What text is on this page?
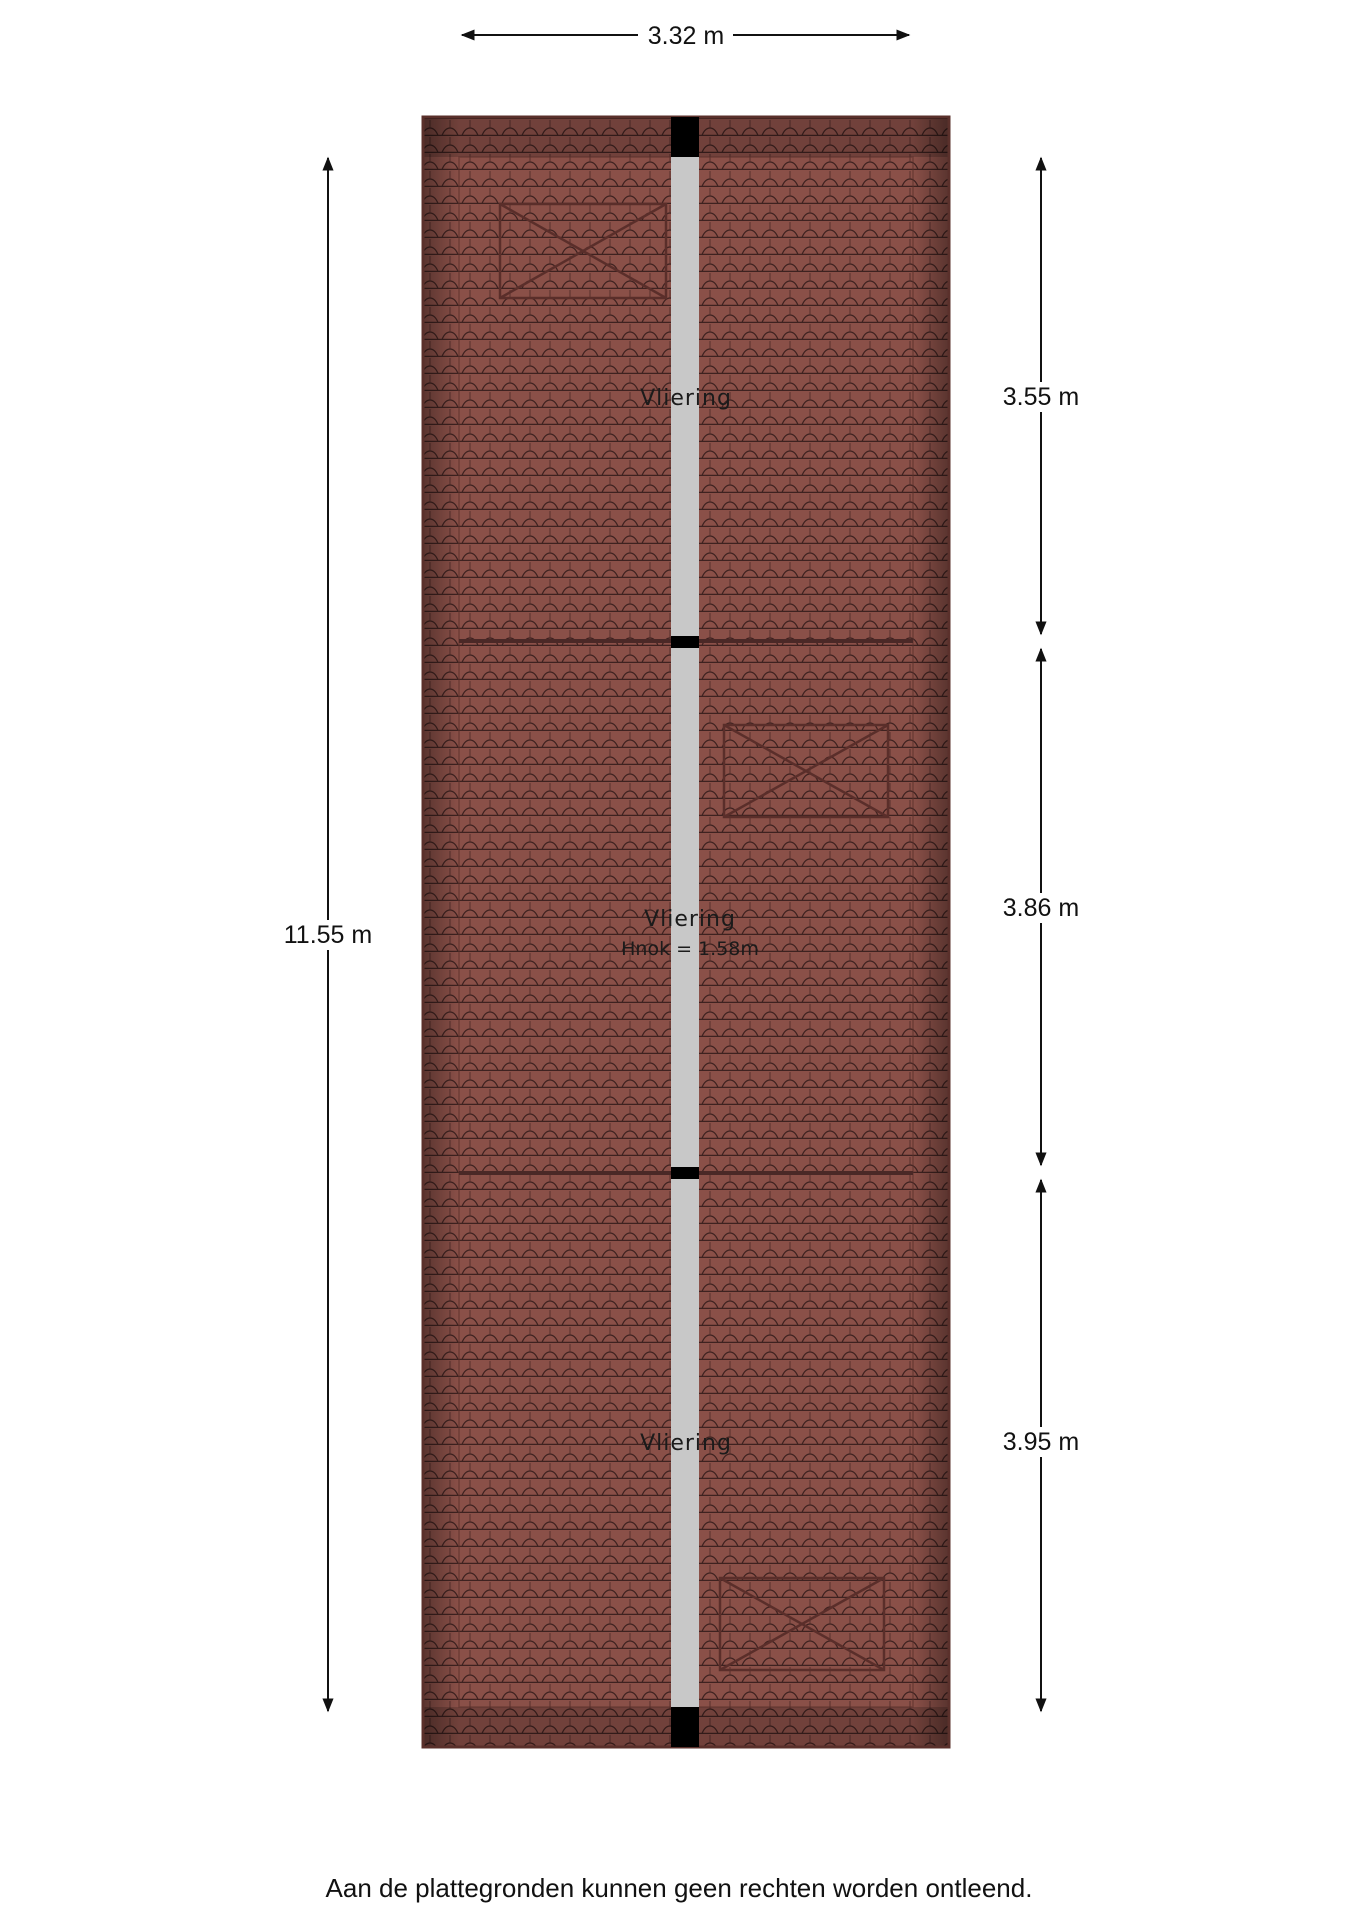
Vliering
Vliering
Hnok = 1.58m
Vliering
3.32 m
11.55 m
3.55 m
3.86 m
3.95 m
Aan de plattegronden kunnen geen rechten worden ontleend.
